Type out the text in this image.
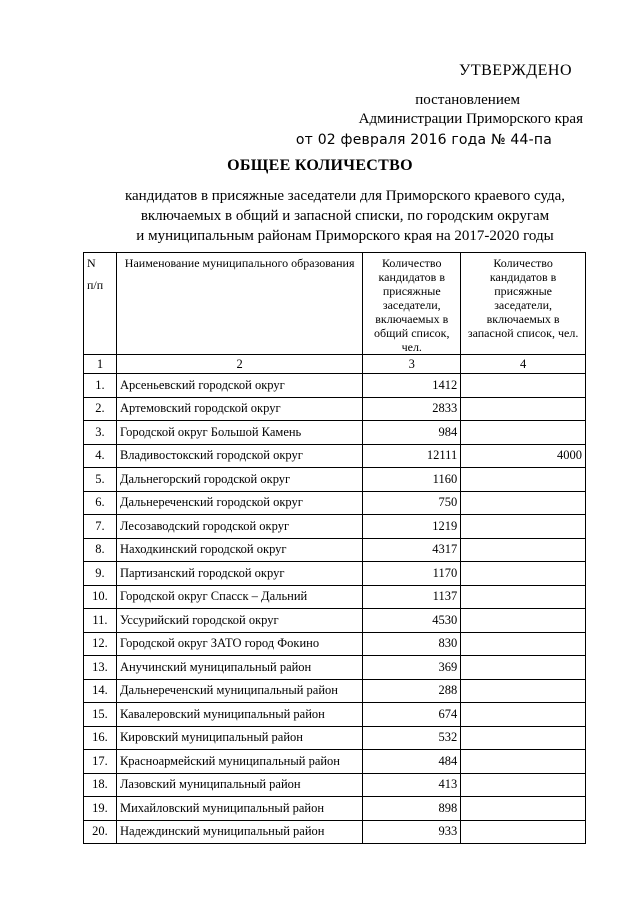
УТВЕРЖДЕНО
постановлением
Администрации Приморского края
от 02 февраля 2016 года № 44-па
ОБЩЕЕ КОЛИЧЕСТВО
кандидатов в присяжные заседатели для Приморского краевого суда,
включаемых в общий и запасной списки, по городским округам
и муниципальным районам Приморского края на 2017-2020 годы
N
п/п	Наименование муниципального образования	Количество кандидатов в присяжные заседатели, включаемых в общий список, чел.	Количество кандидатов в присяжные заседатели, включаемых в запасной список, чел.
1	2	3	4
1.	Арсеньевский городской округ	1412	
2.	Артемовский городской округ	2833	
3.	Городской округ Большой Камень	984	
4.	Владивостокский городской округ	12111	4000
5.	Дальнегорский городской округ	1160	
6.	Дальнереченский городской округ	750	
7.	Лесозаводский городской округ	1219	
8.	Находкинский городской округ	4317	
9.	Партизанский городской округ	1170	
10.	Городской округ Спасск – Дальний	1137	
11.	Уссурийский городской округ	4530	
12.	Городской округ ЗАТО город Фокино	830	
13.	Анучинский муниципальный район	369	
14.	Дальнереченский муниципальный район	288	
15.	Кавалеровский муниципальный район	674	
16.	Кировский муниципальный район	532	
17.	Красноармейский муниципальный район	484	
18.	Лазовский муниципальный район	413	
19.	Михайловский муниципальный район	898	
20.	Надеждинский муниципальный район	933	
